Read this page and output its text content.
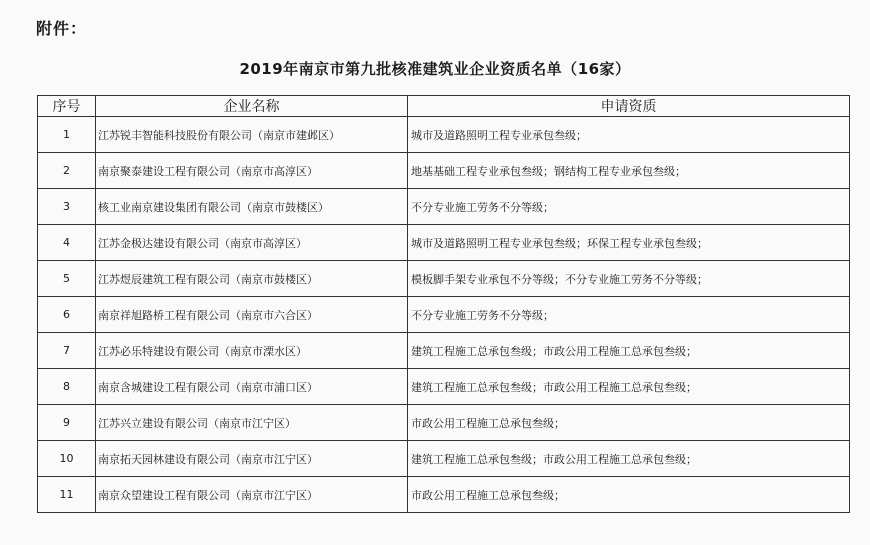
附件：
2019年南京市第九批核准建筑业企业资质名单（16家）
序号	企业名称	申请资质
1	江苏锐丰智能科技股份有限公司（南京市建邺区）	城市及道路照明工程专业承包叁级；
2	南京聚泰建设工程有限公司（南京市高淳区）	地基基础工程专业承包叁级；钢结构工程专业承包叁级；
3	核工业南京建设集团有限公司（南京市鼓楼区）	不分专业施工劳务不分等级；
4	江苏金极达建设有限公司（南京市高淳区）	城市及道路照明工程专业承包叁级；环保工程专业承包叁级；
5	江苏煜辰建筑工程有限公司（南京市鼓楼区）	模板脚手架专业承包不分等级；不分专业施工劳务不分等级；
6	南京祥旭路桥工程有限公司（南京市六合区）	不分专业施工劳务不分等级；
7	江苏必乐特建设有限公司（南京市溧水区）	建筑工程施工总承包叁级；市政公用工程施工总承包叁级；
8	南京含城建设工程有限公司（南京市浦口区）	建筑工程施工总承包叁级；市政公用工程施工总承包叁级；
9	江苏兴立建设有限公司（南京市江宁区）	市政公用工程施工总承包叁级；
10	南京拓天园林建设有限公司（南京市江宁区）	建筑工程施工总承包叁级；市政公用工程施工总承包叁级；
11	南京众望建设工程有限公司（南京市江宁区）	市政公用工程施工总承包叁级；
